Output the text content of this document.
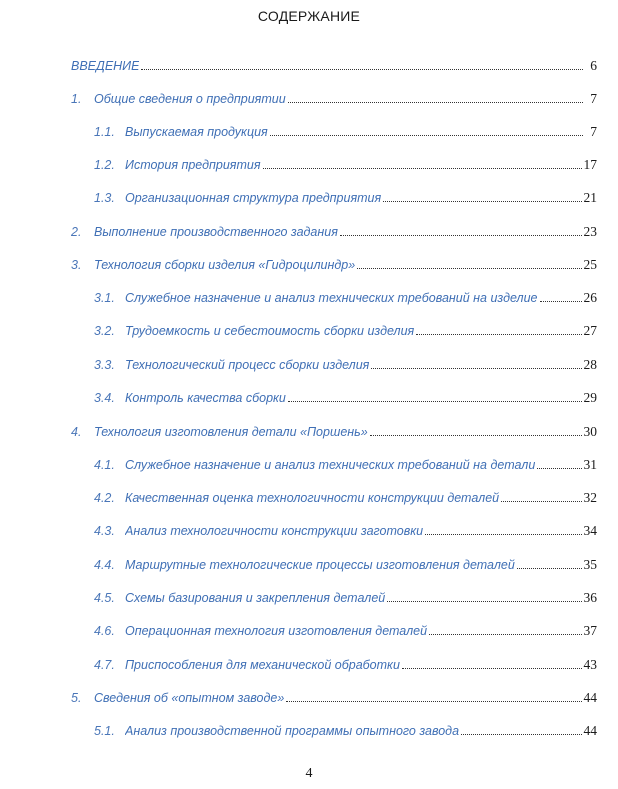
СОДЕРЖАНИЕ
ВВЕДЕНИЕ	6
1.	Общие сведения о предприятии	7
1.1. Выпускаемая продукция	7
1.2. История предприятия	17
1.3. Организационная структура предприятия	21
2.	Выполнение производственного задания	23
3.	Технология сборки изделия «Гидроцилиндр»	25
3.1. Служебное назначение и анализ технических требований на изделие	26
3.2. Трудоемкость и себестоимость сборки изделия	27
3.3. Технологический процесс сборки изделия	28
3.4. Контроль качества сборки	29
4.	Технология изготовления детали «Поршень»	30
4.1. Служебное назначение и анализ технических требований на детали	31
4.2. Качественная оценка технологичности конструкции деталей	32
4.3. Анализ технологичности конструкции заготовки	34
4.4. Маршрутные технологические процессы изготовления деталей	35
4.5. Схемы базирования и закрепления деталей	36
4.6. Операционная технология изготовления деталей	37
4.7. Приспособления для механической обработки	43
5.	Сведения об «опытном заводе»	44
5.1. Анализ производственной программы опытного завода	44
4
